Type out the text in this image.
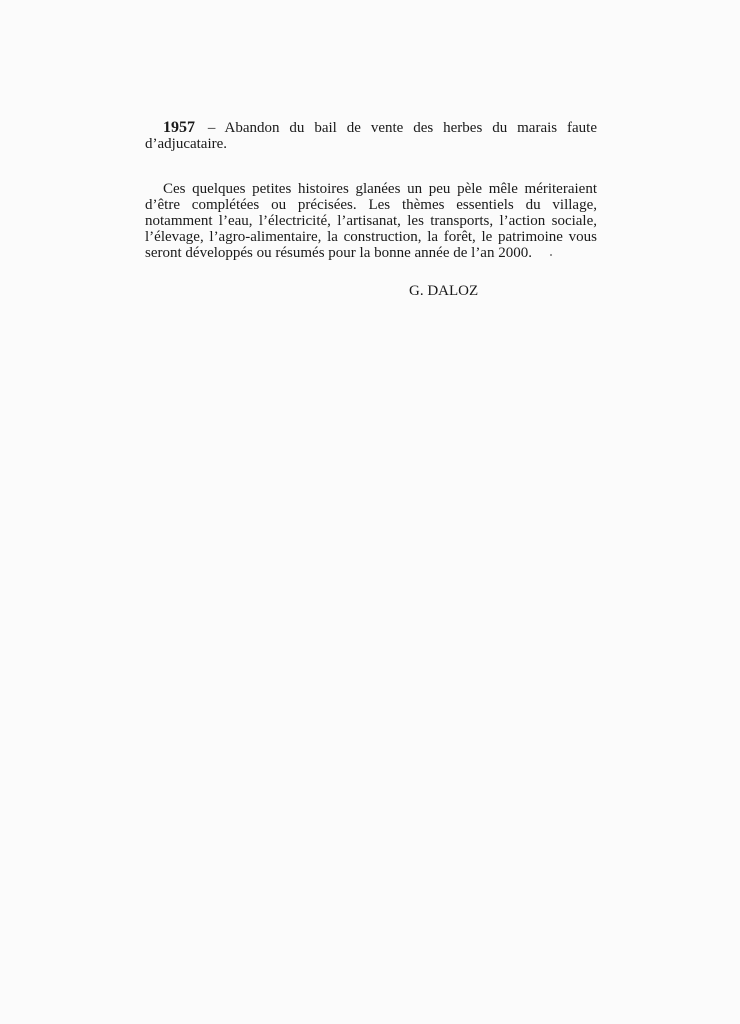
1957 – Abandon du bail de vente des herbes du marais faute d’adjucataire.

Ces quelques petites histoires glanées un peu pèle mêle mériteraient d’être complétées ou précisées. Les thèmes essentiels du village, notamment l’eau, l’électricité, l’artisanat, les transports, l’action sociale, l’élevage, l’agro-alimentaire, la construction, la forêt, le patrimoine vous seront développés ou résumés pour la bonne année de l’an 2000.

G. DALOZ
